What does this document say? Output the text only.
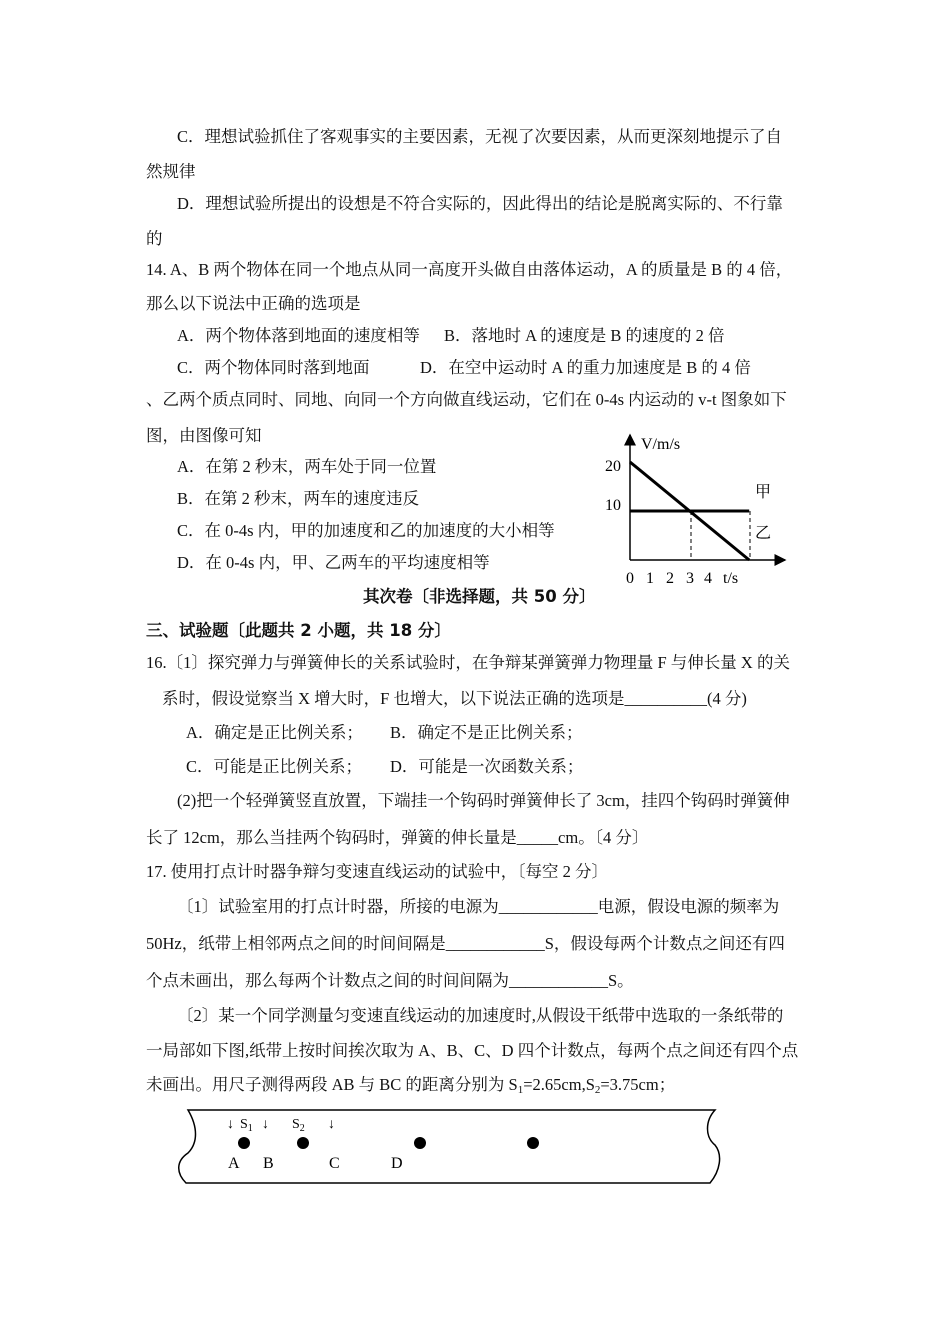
C．理想试验抓住了客观事实的主要因素，无视了次要因素，从而更深刻地提示了自
然规律
D．理想试验所提出的设想是不符合实际的，因此得出的结论是脱离实际的、不行靠
的
14. A、B 两个物体在同一个地点从同一高度开头做自由落体运动，A 的质量是 B 的 4 倍，
那么以下说法中正确的选项是
A．两个物体落到地面的速度相等 B．落地时 A 的速度是 B 的速度的 2 倍
C．两个物体同时落到地面	D．在空中运动时 A 的重力加速度是 B 的 4 倍
、乙两个质点同时、同地、向同一个方向做直线运动，它们在 0-4s 内运动的 v-t 图象如下
图，由图像可知
A．在第 2 秒末，两车处于同一位置
B．在第 2 秒末，两车的速度违反
C．在 0-4s 内，甲的加速度和乙的加速度的大小相等
D．在 0-4s 内，甲、乙两车的平均速度相等
V/m/s
20
10
甲
乙
0 1 2 3 4 t/s
其次卷〔非选择题，共 50 分〕
三、试验题〔此题共 2 小题，共 18 分〕
16.〔1〕探究弹力与弹簧伸长的关系试验时，在争辩某弹簧弹力物理量 F 与伸长量 X 的关
系时，假设觉察当 X 增大时，F 也增大，以下说法正确的选项是__________(4 分)
A．确定是正比例关系； B．确定不是正比例关系；
C．可能是正比例关系； D．可能是一次函数关系；
(2)把一个轻弹簧竖直放置，下端挂一个钩码时弹簧伸长了 3cm，挂四个钩码时弹簧伸
长了 12cm，那么当挂两个钩码时，弹簧的伸长量是_____cm。〔4 分〕
17. 使用打点计时器争辩匀变速直线运动的试验中，〔每空 2 分〕
〔1〕试验室用的打点计时器，所接的电源为____________电源，假设电源的频率为
50Hz，纸带上相邻两点之间的时间间隔是____________S，假设每两个计数点之间还有四
个点未画出，那么每两个计数点之间的时间间隔为____________S。
〔2〕某一个同学测量匀变速直线运动的加速度时,从假设干纸带中选取的一条纸带的
一局部如下图,纸带上按时间挨次取为 A、B、C、D 四个计数点，每两个点之间还有四个点
未画出。用尺子测得两段 AB 与 BC 的距离分别为 $S_1=2.65cm,S_2=3.75cm$；
↓ $S_1$ ↓ $S_2$ ↓
A B	C	D
